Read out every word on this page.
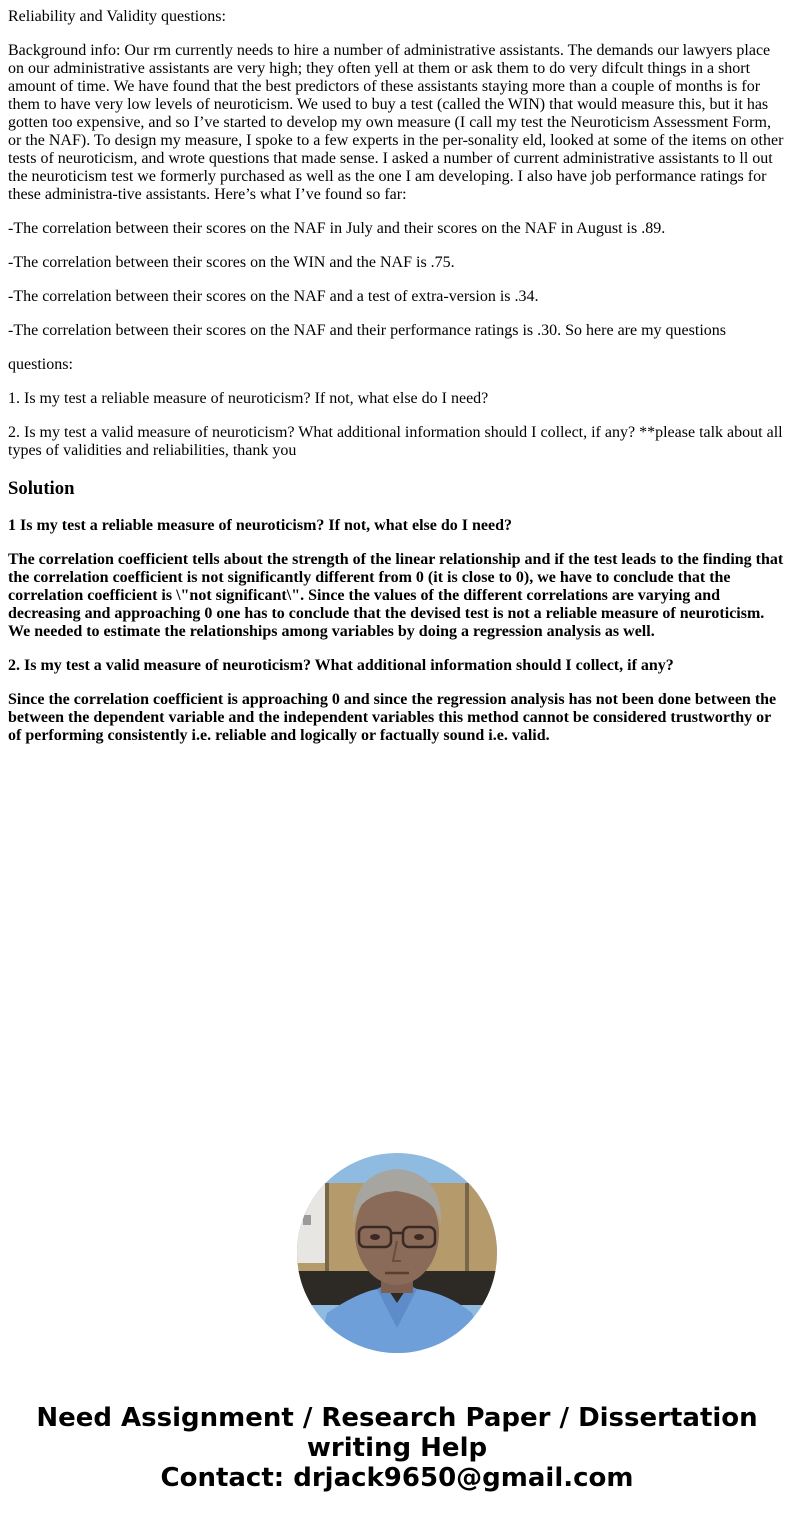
Reliability and Validity questions:

Background info: Our rm currently needs to hire a number of administrative assistants. The demands our lawyers place on our administrative assistants are very high; they often yell at them or ask them to do very difcult things in a short amount of time. We have found that the best predictors of these assistants staying more than a couple of months is for them to have very low levels of neuroticism. We used to buy a test (called the WIN) that would measure this, but it has gotten too expensive, and so I’ve started to develop my own measure (I call my test the Neuroticism Assessment Form, or the NAF). To design my measure, I spoke to a few experts in the per-sonality eld, looked at some of the items on other tests of neuroticism, and wrote questions that made sense. I asked a number of current administrative assistants to ll out the neuroticism test we formerly purchased as well as the one I am developing. I also have job performance ratings for these administra-tive assistants. Here’s what I’ve found so far:

-The correlation between their scores on the NAF in July and their scores on the NAF in August is .89.

-The correlation between their scores on the WIN and the NAF is .75.

-The correlation between their scores on the NAF and a test of extra-version is .34.

-The correlation between their scores on the NAF and their performance ratings is .30. So here are my questions

questions:

1. Is my test a reliable measure of neuroticism? If not, what else do I need?

2. Is my test a valid measure of neuroticism? What additional information should I collect, if any? **please talk about all types of validities and reliabilities, thank you

Solution

1 Is my test a reliable measure of neuroticism? If not, what else do I need?

The correlation coefficient tells about the strength of the linear relationship and if the test leads to the finding that the correlation coefficient is not significantly different from 0 (it is close to 0), we have to conclude that the correlation coefficient is \"not significant\". Since the values of the different correlations are varying and decreasing and approaching 0 one has to conclude that the devised test is not a reliable measure of neuroticism. We needed to estimate the relationships among variables by doing a regression analysis as well.

2. Is my test a valid measure of neuroticism? What additional information should I collect, if any?

Since the correlation coefficient is approaching 0 and since the regression analysis has not been done between the between the dependent variable and the independent variables this method cannot be considered trustworthy or of performing consistently i.e. reliable and logically or factually sound i.e. valid.

Need Assignment / Research Paper / Dissertation
writing Help
Contact: drjack9650@gmail.com
